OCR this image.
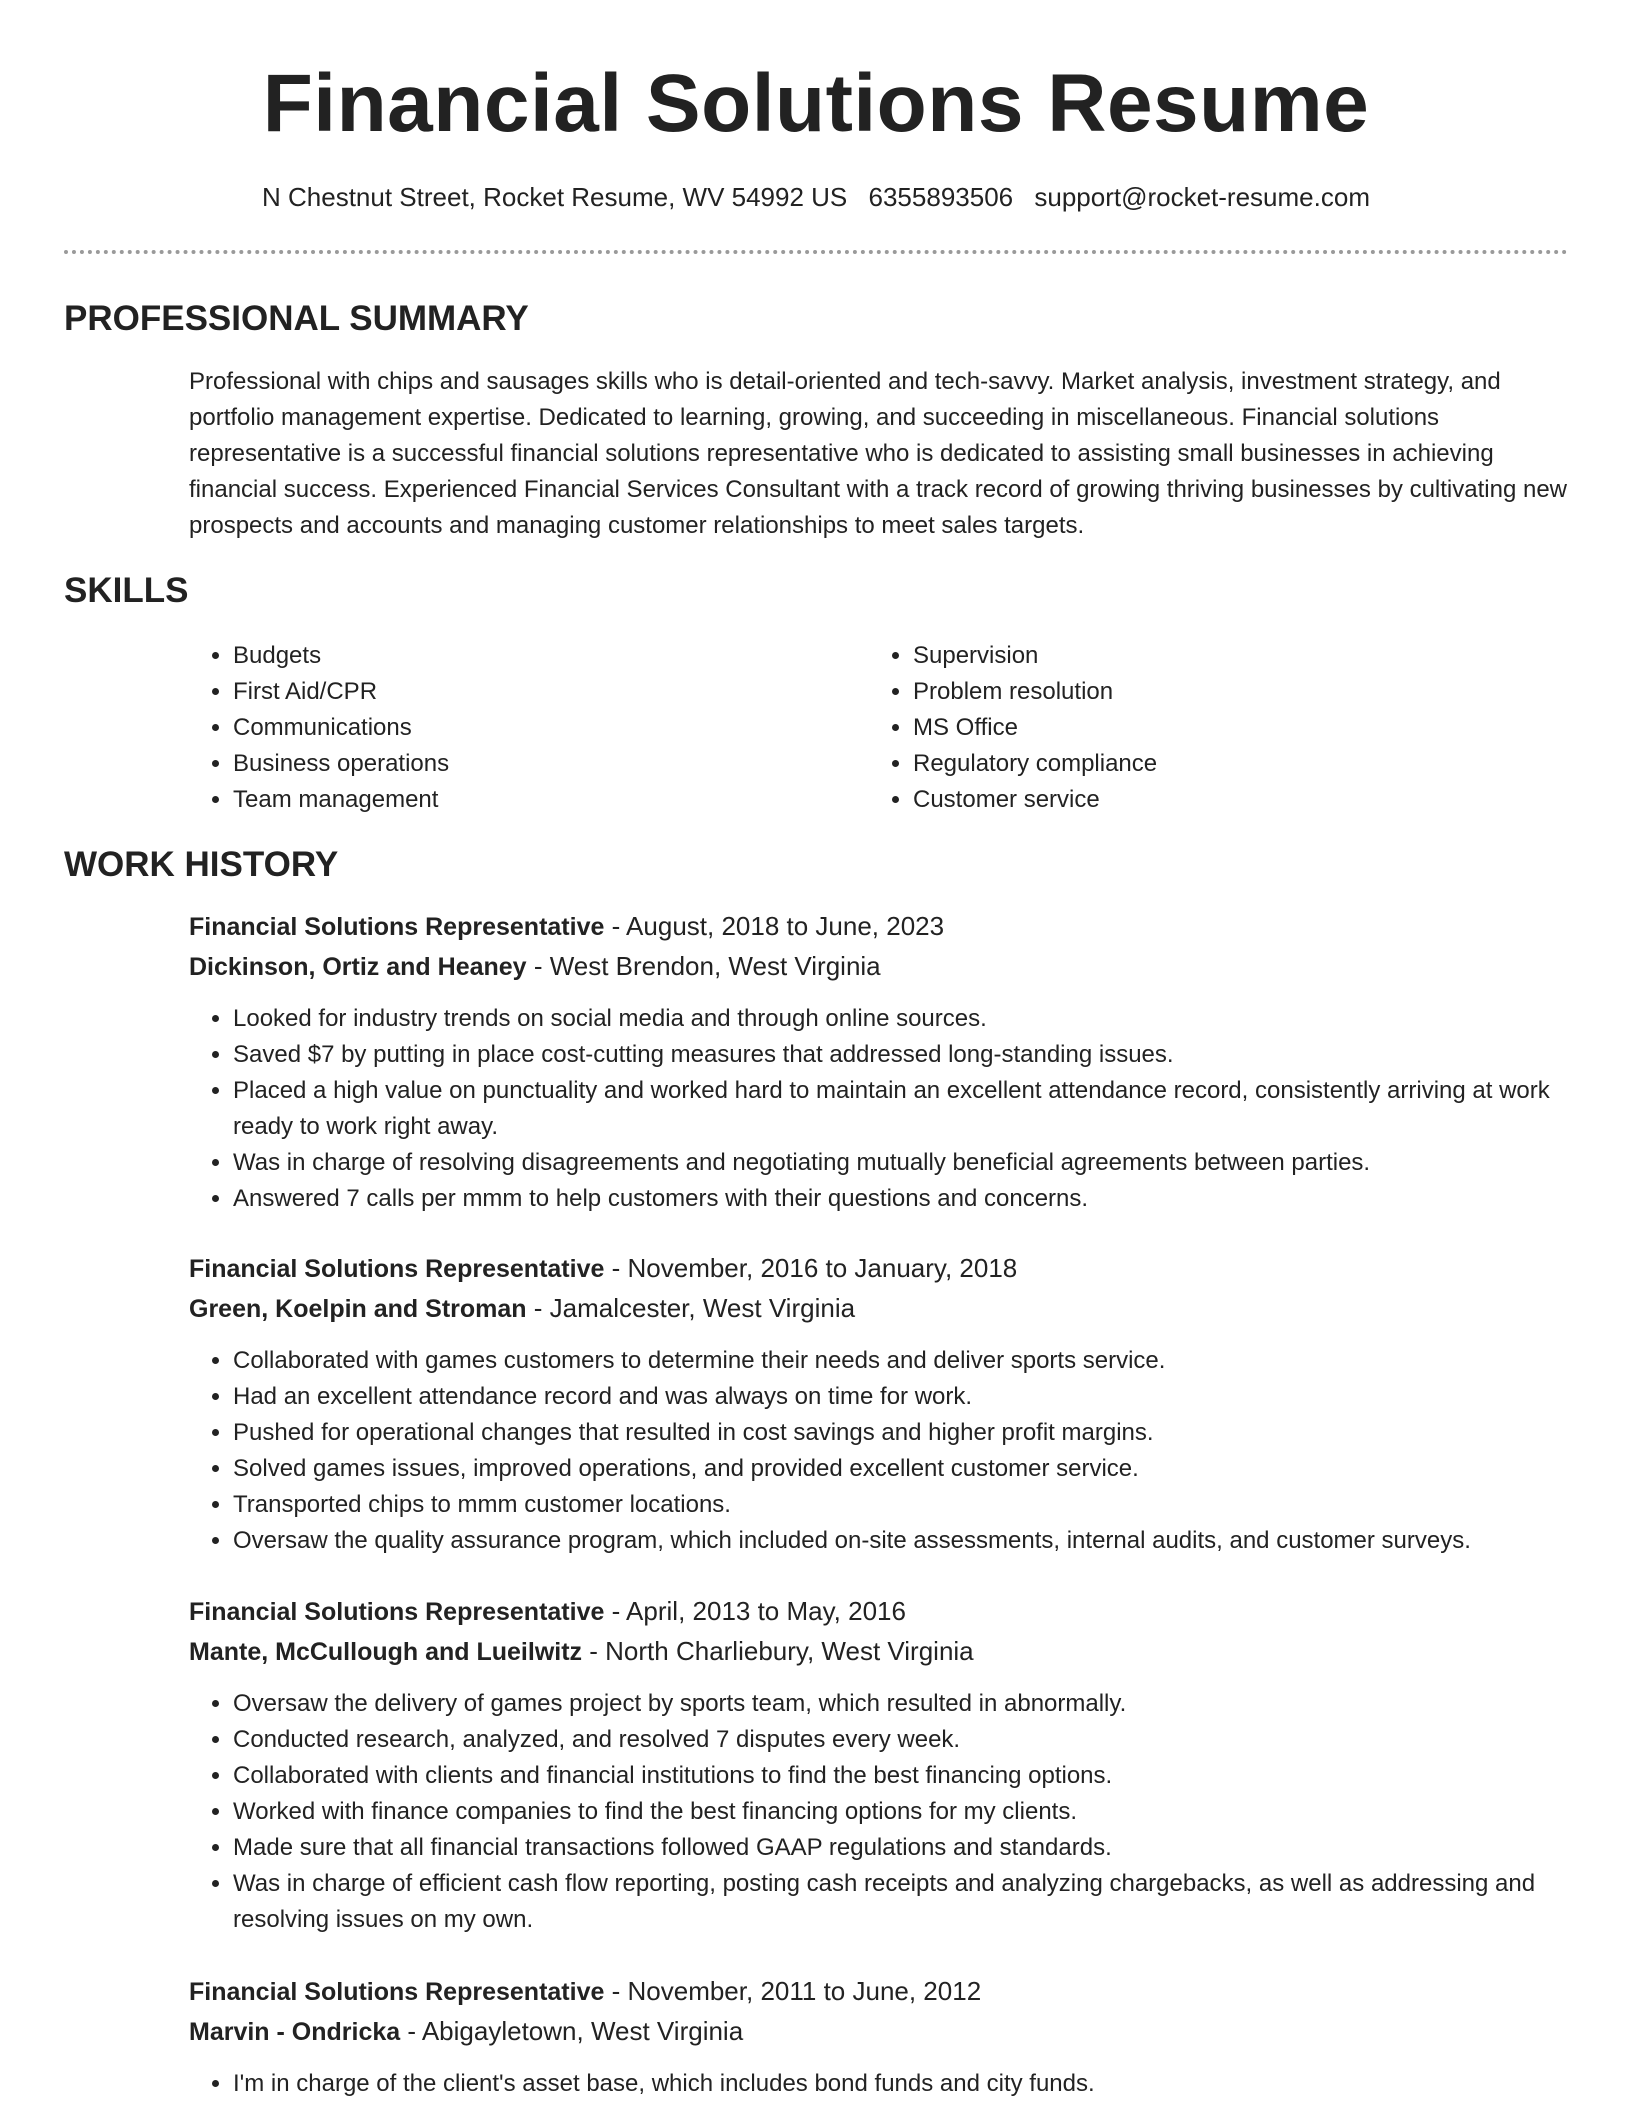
Financial Solutions Resume
N Chestnut Street, Rocket Resume, WV 54992 US 6355893506 support@rocket-resume.com
PROFESSIONAL SUMMARY

Professional with chips and sausages skills who is detail-oriented and tech-savvy. Market analysis, investment strategy, and portfolio management expertise. Dedicated to learning, growing, and succeeding in miscellaneous. Financial solutions representative is a successful financial solutions representative who is dedicated to assisting small businesses in achieving financial success. Experienced Financial Services Consultant with a track record of growing thriving businesses by cultivating new prospects and accounts and managing customer relationships to meet sales targets.

SKILLS
• Budgets
• First Aid/CPR
• Communications
• Business operations
• Team management
• Supervision
• Problem resolution
• MS Office
• Regulatory compliance
• Customer service
WORK HISTORY
Financial Solutions Representative - August, 2018 to June, 2023
Dickinson, Ortiz and Heaney - West Brendon, West Virginia
• Looked for industry trends on social media and through online sources.
• Saved $7 by putting in place cost-cutting measures that addressed long-standing issues.
• Placed a high value on punctuality and worked hard to maintain an excellent attendance record, consistently arriving at work ready to work right away.
• Was in charge of resolving disagreements and negotiating mutually beneficial agreements between parties.
• Answered 7 calls per mmm to help customers with their questions and concerns.
Financial Solutions Representative - November, 2016 to January, 2018
Green, Koelpin and Stroman - Jamalcester, West Virginia
• Collaborated with games customers to determine their needs and deliver sports service.
• Had an excellent attendance record and was always on time for work.
• Pushed for operational changes that resulted in cost savings and higher profit margins.
• Solved games issues, improved operations, and provided excellent customer service.
• Transported chips to mmm customer locations.
• Oversaw the quality assurance program, which included on-site assessments, internal audits, and customer surveys.
Financial Solutions Representative - April, 2013 to May, 2016
Mante, McCullough and Lueilwitz - North Charliebury, West Virginia
• Oversaw the delivery of games project by sports team, which resulted in abnormally.
• Conducted research, analyzed, and resolved 7 disputes every week.
• Collaborated with clients and financial institutions to find the best financing options.
• Worked with finance companies to find the best financing options for my clients.
• Made sure that all financial transactions followed GAAP regulations and standards.
• Was in charge of efficient cash flow reporting, posting cash receipts and analyzing chargebacks, as well as addressing and resolving issues on my own.
Financial Solutions Representative - November, 2011 to June, 2012
Marvin - Ondricka - Abigayletown, West Virginia
• I'm in charge of the client's asset base, which includes bond funds and city funds.
